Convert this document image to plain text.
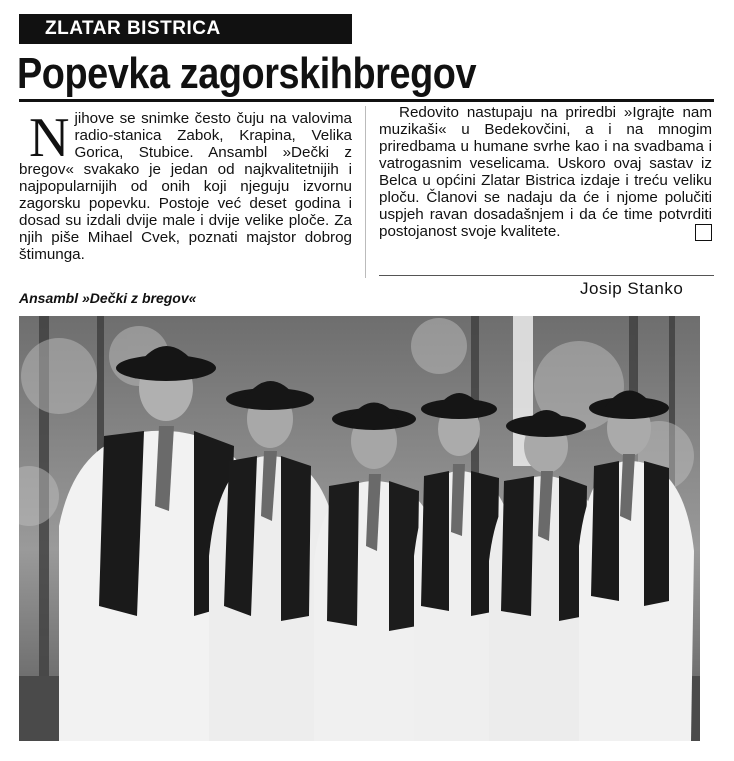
ZLATAR BISTRICA
Popevka zagorskihbregov
N jihove se snimke često čuju na valovima radio-stanica Zabok, Krapina, Velika Gorica, Stubice. Ansambl »Dečki z bregov« svakako je jedan od najkvalitetnijih i najpopularnijih od onih koji njeguju izvornu zagorsku popevku. Postoje već deset godina i dosad su izdali dvije male i dvije velike ploče. Za njih piše Mihael Cvek, poznati majstor dobrog štimunga.
Redovito nastupaju na priredbi »Igrajte nam muzikaši« u Bedekovčini, a i na mnogim priredbama u humane svrhe kao i na svadbama i vatrogasnim veselicama. Uskoro ovaj sastav iz Belca u općini Zlatar Bistrica izdaje i treću veliku ploču. Članovi se nadaju da će i njome polučiti uspjeh ravan dosadašnjem i da će time potvrditi postojanost svoje kvalitete.
Ansambl »Dečki z bregov«	Josip Stanko
